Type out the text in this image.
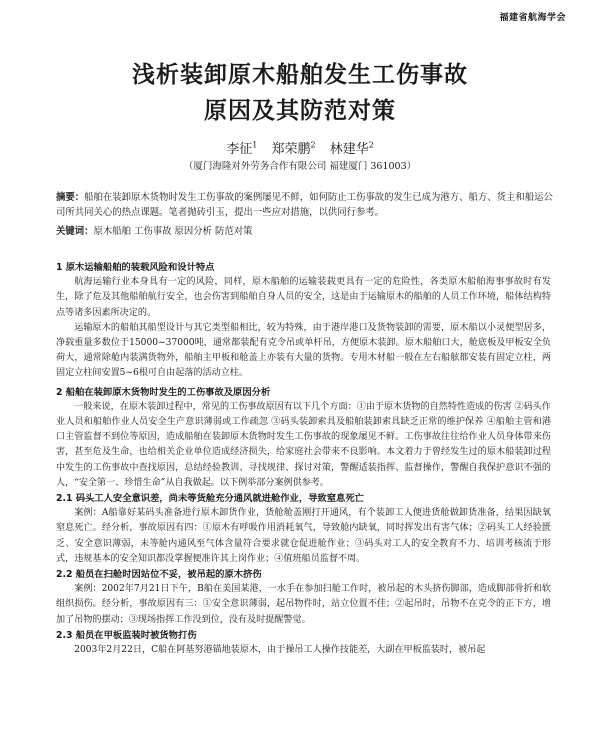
福建省航海学会
浅析装卸原木船舶发生工伤事故
原因及其防范对策
李征$^1$ 郑荣鹏$^2$ 林建华$^2$
（厦门海隆对外劳务合作有限公司 福建厦门 361003）

摘要：船舶在装卸原木货物时发生工伤事故的案例屡见不鲜，如何防止工伤事故的发生已成为港方、船方、货主和船运公司所共同关心的热点课题。笔者抛砖引玉，提出一些应对措施，以供同行参考。

关键词：原木船舶 工伤事故 原因分析 防范对策

1 原木运输船舶的装载风险和设计特点

航海运输行业本身具有一定的风险，同样，原木船舶的运输装载更具有一定的危险性，各类原木船舶海事事故时有发生，除了危及其他船舶航行安全，也会伤害到船舶自身人员的安全，这是由于运输原木的船舶的人员工作环境，船体结构特点等诸多因素所决定的。

运输原木的船舶其船型设计与其它类型船相比，较为特殊，由于港岸港口及货物装卸的需要，原木船以小灵便型居多，净载重量多数位于15000~37000吨，通常都装配有克令吊或单杆吊，方便原木装卸。原木船舶口大，舱底板及甲板安全负荷大，通常除舱内装满货物外，船舶主甲板和舱盖上亦装有大量的货物。专用木材船一般在左右船舷都安装有固定立柱，两固定立柱间安置5~6根可自由起落的活动立柱。

2 船舶在装卸原木货物时发生的工伤事故及原因分析

一般来说，在原木装卸过程中，常见的工伤事故原因有以下几个方面：①由于原木货物的自然特性造成的伤害 ②码头作业人员和船舶作业人员安全生产意识薄弱或工作疏忽 ③码头装卸索具及船舶装卸索具缺乏正常的维护保养 ④船舶主管和港口主管监督不到位等原因，造成船舶在装卸原木货物时发生工伤事故的现象屡见不鲜。工伤事故往往给作业人员身体带来伤害，甚至危及生命，也给相关企业单位造成经济损失，给家庭社会带来不良影响。本文着力于曾经发生过的原木船装卸过程中发生的工伤事故中查找原因，总结经验教训、寻找规律、探讨对策，警醒适装指挥、监督操作，警醒自我保护意识不强的人，“安全第一、珍惜生命”从自我做起。以下例举部分案例供参考。

2.1 码头工人安全意识差，尚未等货舱充分通风就进舱作业，导致窒息死亡

案例：A船靠好某码头准备进行原木卸货作业，货舱舱盖刚打开通风，有个装卸工人便进货舱做卸货准备，结果因缺氧窒息死亡。经分析，事故原因有四：①原木有呼吸作用消耗氧气，导致舱内缺氧，同时挥发出有害气体；②码头工人经验匮乏、安全意识薄弱，未等舱内通风至气体含量符合要求就仓促进舱作业；③码头对工人的安全教育不力、培训考核流于形式，违规基本的安全知识都没掌握便准许其上岗作业；④值班船员监督不周。

2.2 船员在扫舱时因站位不妥，被吊起的原木挤伤

案例：2002年7月21日下午，B船在美国某港，一水手在参加扫舱工作时，被吊起的木头挤伤脚部，造成脚部骨折和软组织损伤。经分析，事故原因有三：①安全意识薄弱，起吊物件时，站立位置不佳；②起吊时，吊物不在克令的正下方，增加了吊物的摆动；③现场指挥工作没到位，没有及时提醒警觉。

2.3 船员在甲板监装时被货物打伤

2003年2月22日，C船在阿基努港锚地装原木，由于操吊工人操作技能差，大副在甲板监装时，被吊起
